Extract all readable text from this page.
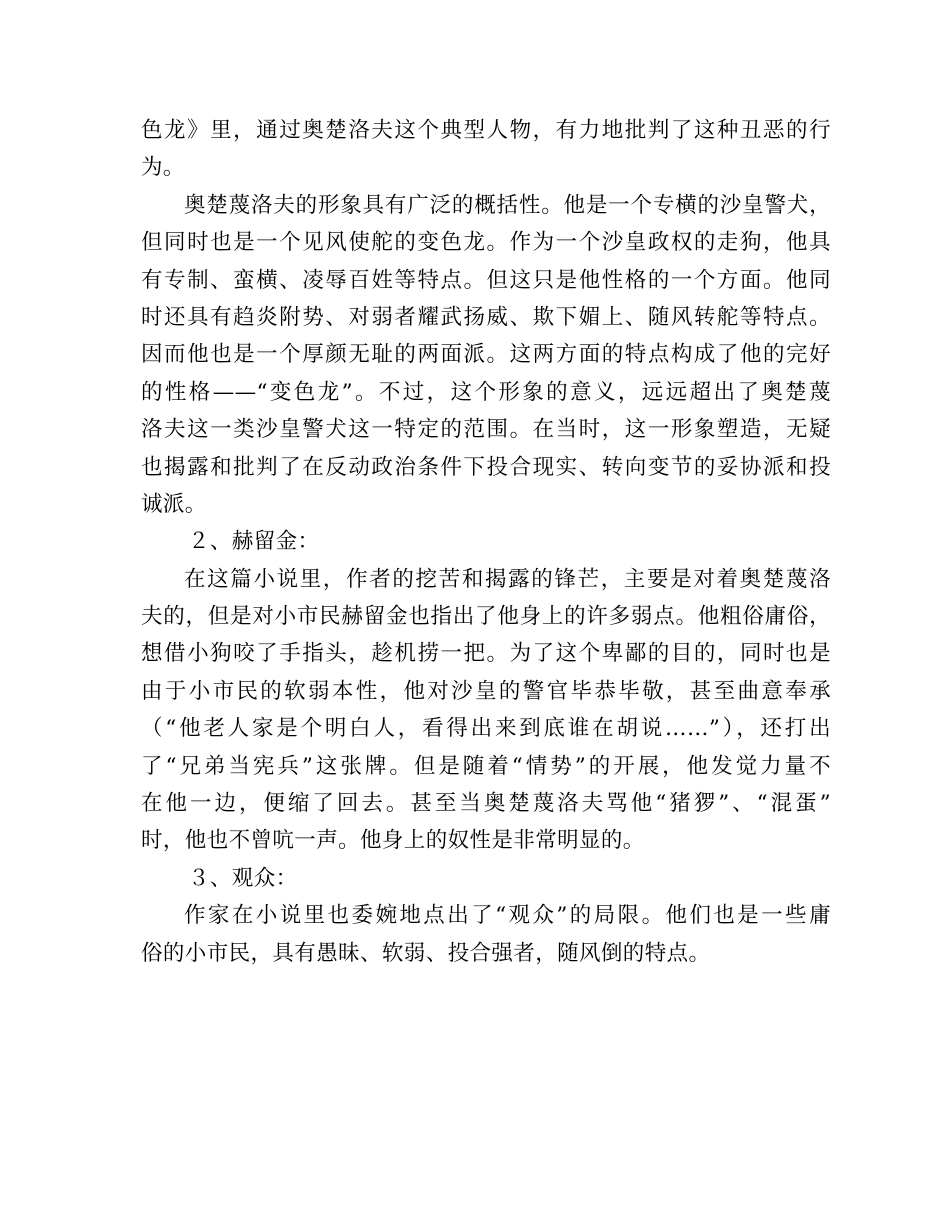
色龙》里，通过奥楚洛夫这个典型人物，有力地批判了这种丑恶的行
为。
奥楚蔑洛夫的形象具有广泛的概括性。他是一个专横的沙皇警犬，
但同时也是一个见风使舵的变色龙。作为一个沙皇政权的走狗，他具
有专制、蛮横、凌辱百姓等特点。但这只是他性格的一个方面。他同
时还具有趋炎附势、对弱者耀武扬威、欺下媚上、随风转舵等特点。
因而他也是一个厚颜无耻的两面派。这两方面的特点构成了他的完好
的性格——“变色龙”。不过，这个形象的意义，远远超出了奥楚蔑
洛夫这一类沙皇警犬这一特定的范围。在当时，这一形象塑造，无疑
也揭露和批判了在反动政治条件下投合现实、转向变节的妥协派和投
诚派。
２、赫留金：
在这篇小说里，作者的挖苦和揭露的锋芒，主要是对着奥楚蔑洛
夫的，但是对小市民赫留金也指出了他身上的许多弱点。他粗俗庸俗，
想借小狗咬了手指头，趁机捞一把。为了这个卑鄙的目的，同时也是
由于小市民的软弱本性，他对沙皇的警官毕恭毕敬，甚至曲意奉承
（“他老人家是个明白人，看得出来到底谁在胡说……”），还打出
了“兄弟当宪兵”这张牌。但是随着“情势”的开展，他发觉力量不
在他一边，便缩了回去。甚至当奥楚蔑洛夫骂他“猪猡”、“混蛋”
时，他也不曾吭一声。他身上的奴性是非常明显的。
３、观众：
作家在小说里也委婉地点出了“观众”的局限。他们也是一些庸
俗的小市民，具有愚昧、软弱、投合强者，随风倒的特点。
